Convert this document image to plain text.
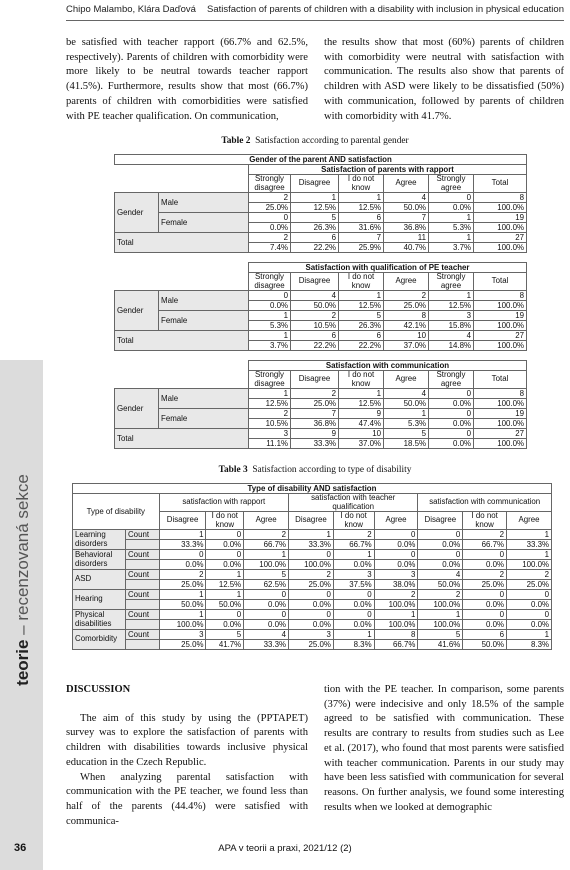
Chipo Malambo, Klára Daďová Satisfaction of parents of children with a disability with inclusion in physical education

be satisfied with teacher rapport (66.7% and 62.5%, respectively). Parents of children with comorbidity were more likely to be neutral towards teacher rapport (41.5%). Furthermore, results show that most (66.7%) parents of children with comorbidities were satisfied with PE teacher qualification. On communication,

the results show that most (60%) parents of children with comorbidity were neutral with satisfaction with communication. The results also show that parents of children with ASD were likely to be dissatisfied (50%) with communication, followed by parents of children with comorbidity with 41.7%.

Table 2 Satisfaction according to parental gender
Gender of the parent AND satisfaction							
		Satisfaction of parents with rapport					
		Strongly disagree	Disagree	I do not know	Agree	Strongly agree	Total
Gender	Male	2	1	1	4	0	8
		25.0%	12.5%	12.5%	50.0%	0.0%	100.0%
	Female	0	5	6	7	1	19
		0.0%	26.3%	31.6%	36.8%	5.3%	100.0%
Total		2	6	7	11	1	27
		7.4%	22.2%	25.9%	40.7%	3.7%	100.0%

		Satisfaction with qualification of PE teacher					
		Strongly disagree	Disagree	I do not know	Agree	Strongly agree	Total
Gender	Male	0	4	1	2	1	8
		0.0%	50.0%	12.5%	25.0%	12.5%	100.0%
	Female	1	2	5	8	3	19
		5.3%	10.5%	26.3%	42.1%	15.8%	100.0%
Total		1	6	6	10	4	27
		3.7%	22.2%	22.2%	37.0%	14.8%	100.0%

		Satisfaction with communication					
		Strongly disagree	Disagree	I do not know	Agree	Strongly agree	Total
Gender	Male	1	2	1	4	0	8
		12.5%	25.0%	12.5%	50.0%	0.0%	100.0%
	Female	2	7	9	1	0	19
		10.5%	36.8%	47.4%	5.3%	0.0%	100.0%
Total		3	9	10	5	0	27
		11.1%	33.3%	37.0%	18.5%	0.0%	100.0%
Table 3 Satisfaction according to type of disability
Type of disability AND satisfaction										
Type of disability		satisfaction with rapport			satisfaction with teacher qualification			satisfaction with communication		
		Disagree	I do not know	Agree	Disagree	I do not know	Agree	Disagree	I do not know	Agree
Learning disorders	Count	1	0	2	1	2	0	0	2	1
		33.3%	0.0%	66.7%	33.3%	66.7%	0.0%	0.0%	66.7%	33.3%
Behavioral disorders	Count	0	0	1	0	1	0	0	0	1
		0.0%	0.0%	100.0%	100.0%	0.0%	0.0%	0.0%	0.0%	100.0%
ASD	Count	2	1	5	2	3	3	4	2	2
		25.0%	12.5%	62.5%	25.0%	37.5%	38.0%	50.0%	25.0%	25.0%
Hearing	Count	1	1	0	0	0	2	2	0	0
		50.0%	50.0%	0.0%	0.0%	0.0%	100.0%	100.0%	0.0%	0.0%
Physical disabilities	Count	1	0	0	0	0	1	1	0	0
		100.0%	0.0%	0.0%	0.0%	0.0%	100.0%	100.0%	0.0%	0.0%
Comorbidity	Count	3	5	4	3	1	8	5	6	1
		25.0%	41.7%	33.3%	25.0%	8.3%	66.7%	41.6%	50.0%	8.3%

DISCUSSION

The aim of this study by using the (PPTAPET) survey was to explore the satisfaction of parents with children with disabilities towards inclusive physical education in the Czech Republic.

When analyzing parental satisfaction with communication with the PE teacher, we found less than half of the parents (44.4%) were satisfied with communica-

tion with the PE teacher. In comparison, some parents (37%) were indecisive and only 18.5% of the sample agreed to be satisfied with communication. These results are contrary to results from studies such as Lee et al. (2017), who found that most parents were satisfied with teacher communication. Parents in our study may have been less satisfied with communication for several reasons. On further analysis, we found some interesting results when we looked at demographic

teorie – recenzovaná sekce
36	APA v teorii a praxi, 2021/12 (2)
